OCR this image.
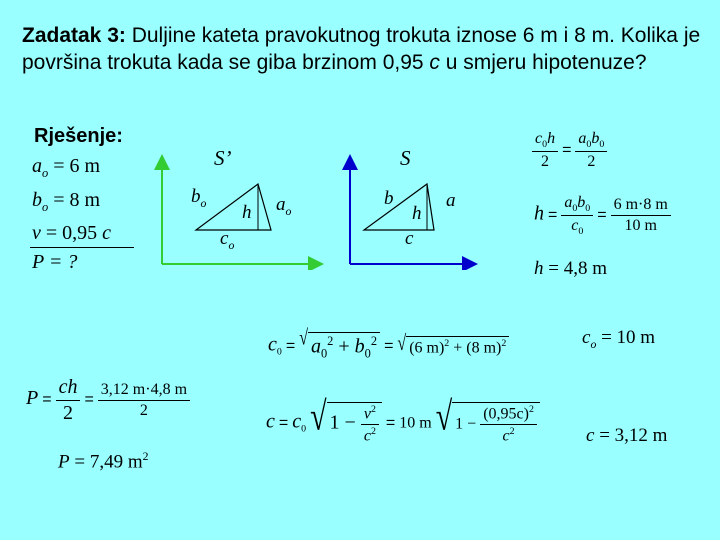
Zadatak 3: Duljine kateta pravokutnog trokuta iznose 6 m i 8 m. Kolika je površina trokuta kada se giba brzinom 0,95 c u smjeru hipotenuze?
Rješenje:
$a_o = 6$ m
$b_o = 8$ m
v = 0,95 c
P = ?
S’
$b_o$	$a_o$
h
$c_o$
S
b	a
h
c
$\frac{c_0h}{2} = \frac{a_0b_0}{2}$
$h = \frac{a_0b_0}{c_0} = \frac{6 m\cdot 8 m}{10 m}$
h = 4,8 m
$c_0$ = √ $a_0^2 + b_0^2$ = √ (6 m)$^2$ + (8 m)$^2$	$c_o = 10$ m
$P = \frac{ch}{2} = \frac{3,12 m\cdot 4,8 m}{2}$
P = 7,49 $m^2$
$c = c_0$ √ $1 - \frac{v^2}{c^2} = 10$ m √ $1 - \frac{(0,95c)^2}{c^2}$	c = 3,12 m
